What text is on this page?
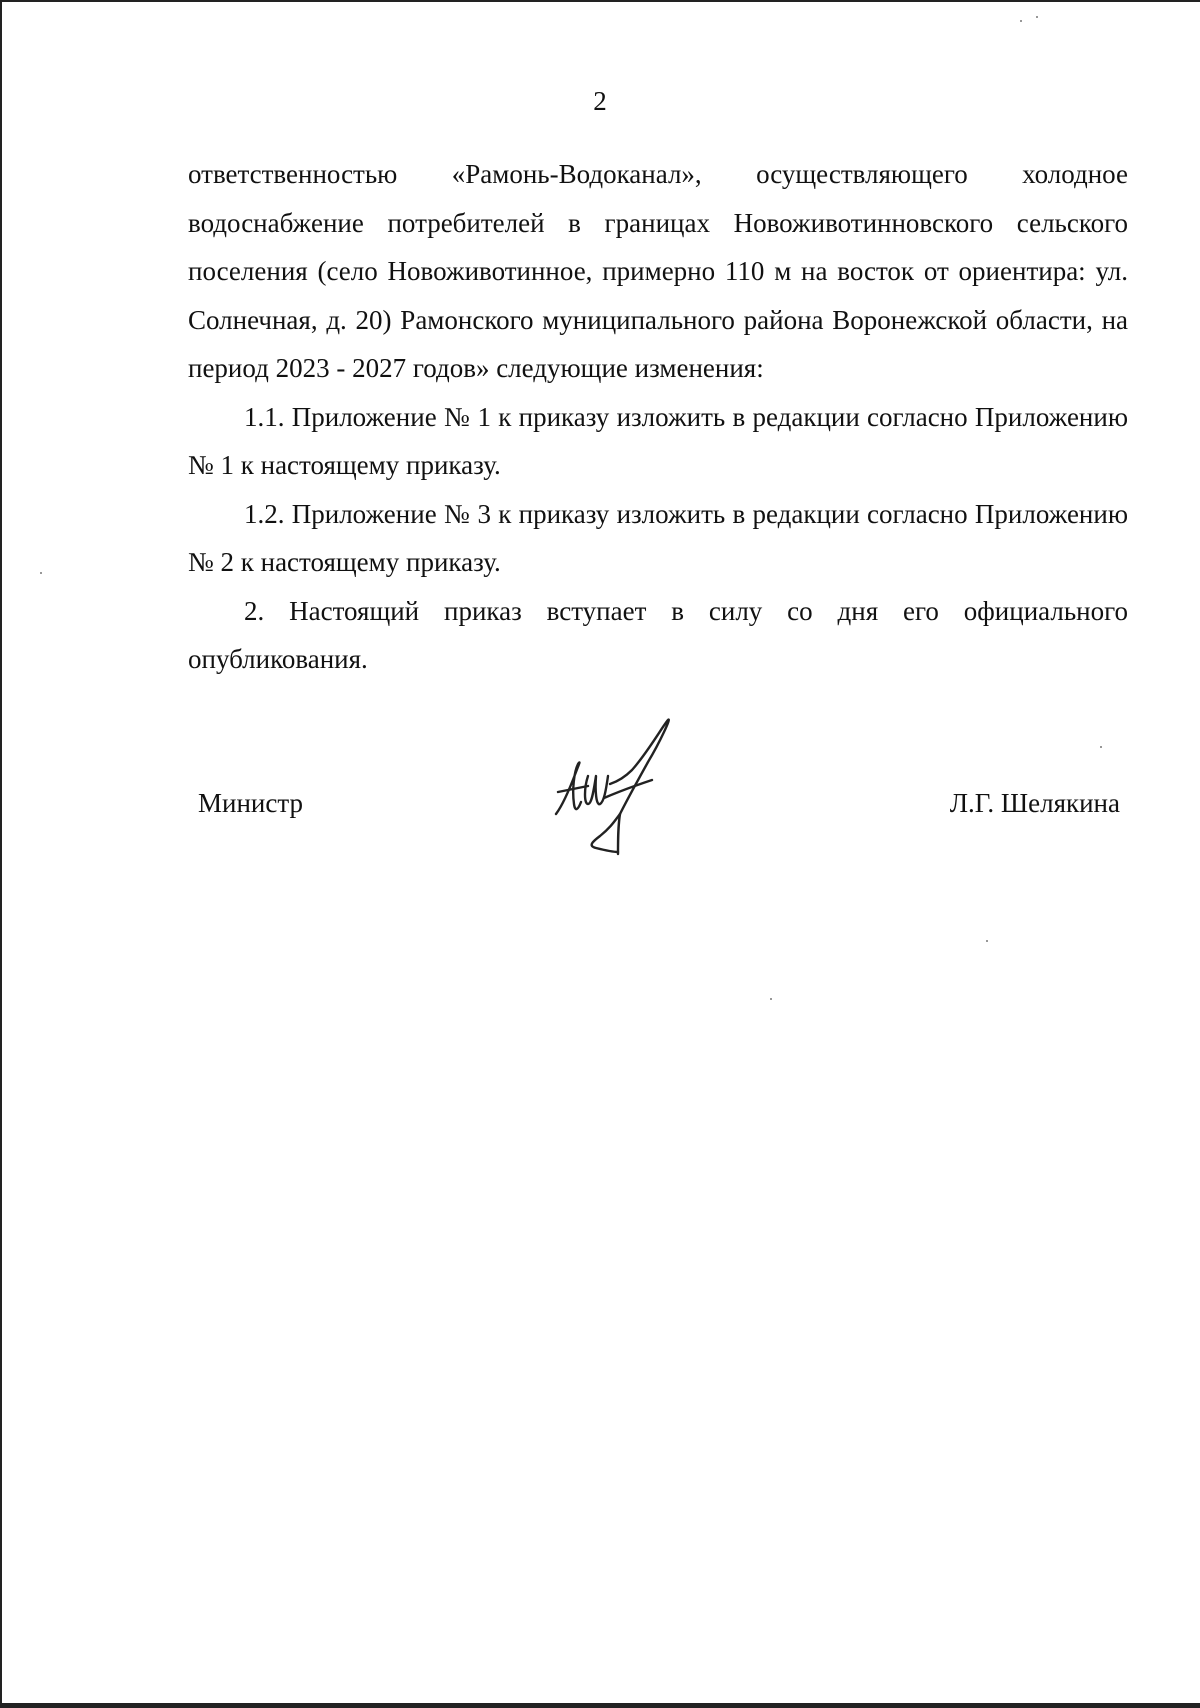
2

ответственностью «Рамонь-Водоканал», осуществляющего холодное водоснабжение потребителей в границах Новоживотинновского сельского поселения (село Новоживотинное, примерно 110 м на восток от ориентира: ул. Солнечная, д. 20) Рамонского муниципального района Воронежской области, на период 2023 - 2027 годов» следующие изменения:

1.1. Приложение № 1 к приказу изложить в редакции согласно Приложению № 1 к настоящему приказу.

1.2. Приложение № 3 к приказу изложить в редакции согласно Приложению № 2 к настоящему приказу.

2. Настоящий приказ вступает в силу со дня его официального опубликования.

Министр	Л.Г. Шелякина
